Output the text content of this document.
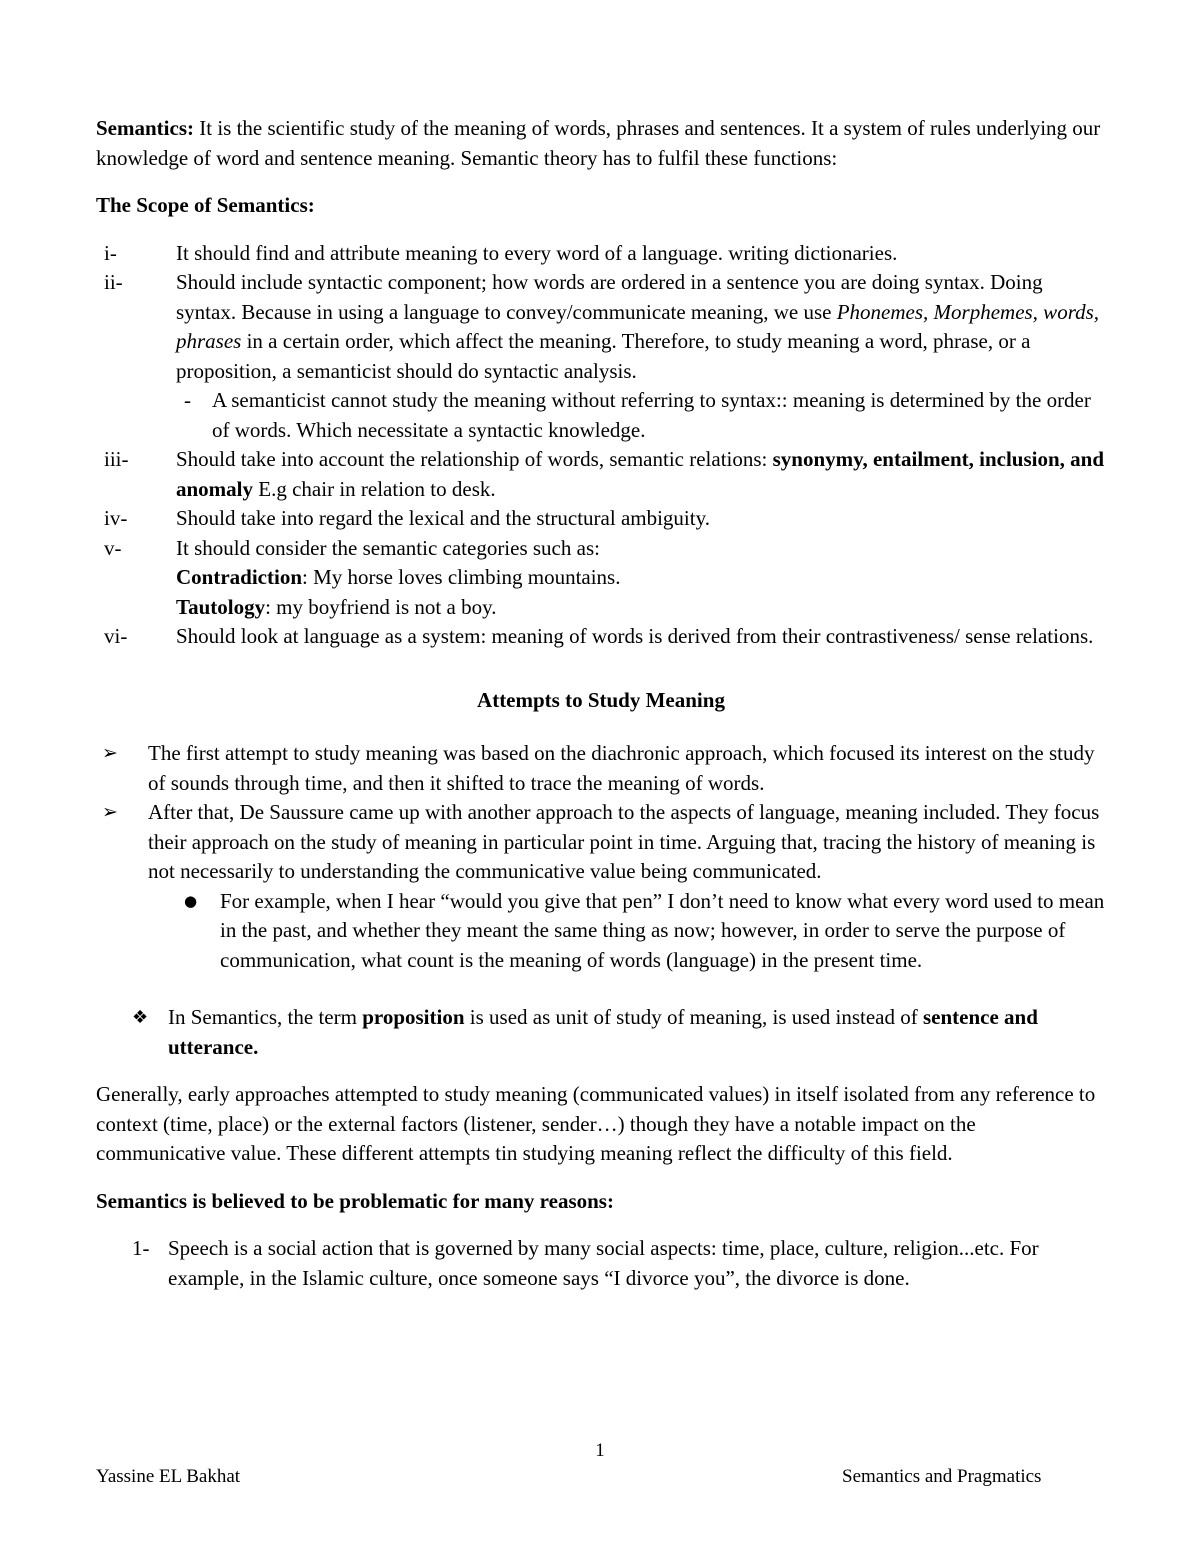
Semantics: It is the scientific study of the meaning of words, phrases and sentences. It a system of rules underlying our knowledge of word and sentence meaning. Semantic theory has to fulfil these functions:

The Scope of Semantics:

i-	It should find and attribute meaning to every word of a language. writing dictionaries.
ii-	Should include syntactic component; how words are ordered in a sentence you are doing syntax. Doing syntax. Because in using a language to convey/communicate meaning, we use Phonemes, Morphemes, words, phrases in a certain order, which affect the meaning. Therefore, to study meaning a word, phrase, or a proposition, a semanticist should do syntactic analysis.
- A semanticist cannot study the meaning without referring to syntax:: meaning is determined by the order of words. Which necessitate a syntactic knowledge.
iii- Should take into account the relationship of words, semantic relations: synonymy, entailment, inclusion, and anomaly E.g chair in relation to desk.
iv- Should take into regard the lexical and the structural ambiguity.
v-	It should consider the semantic categories such as:
Contradiction: My horse loves climbing mountains.
Tautology: my boyfriend is not a boy.
vi- Should look at language as a system: meaning of words is derived from their contrastiveness/ sense relations.

Attempts to Study Meaning

➢ The first attempt to study meaning was based on the diachronic approach, which focused its interest on the study of sounds through time, and then it shifted to trace the meaning of words.
➢ After that, De Saussure came up with another approach to the aspects of language, meaning included. They focus their approach on the study of meaning in particular point in time. Arguing that, tracing the history of meaning is not necessarily to understanding the communicative value being communicated.
● For example, when I hear “would you give that pen” I don’t need to know what every word used to mean in the past, and whether they meant the same thing as now; however, in order to serve the purpose of communication, what count is the meaning of words (language) in the present time.

❖ In Semantics, the term proposition is used as unit of study of meaning, is used instead of sentence and utterance.

Generally, early approaches attempted to study meaning (communicated values) in itself isolated from any reference to context (time, place) or the external factors (listener, sender…) though they have a notable impact on the communicative value. These different attempts tin studying meaning reflect the difficulty of this field.

Semantics is believed to be problematic for many reasons:

1- Speech is a social action that is governed by many social aspects: time, place, culture, religion...etc. For example, in the Islamic culture, once someone says “I divorce you”, the divorce is done.
1
Yassine EL Bakhat	Semantics and Pragmatics
